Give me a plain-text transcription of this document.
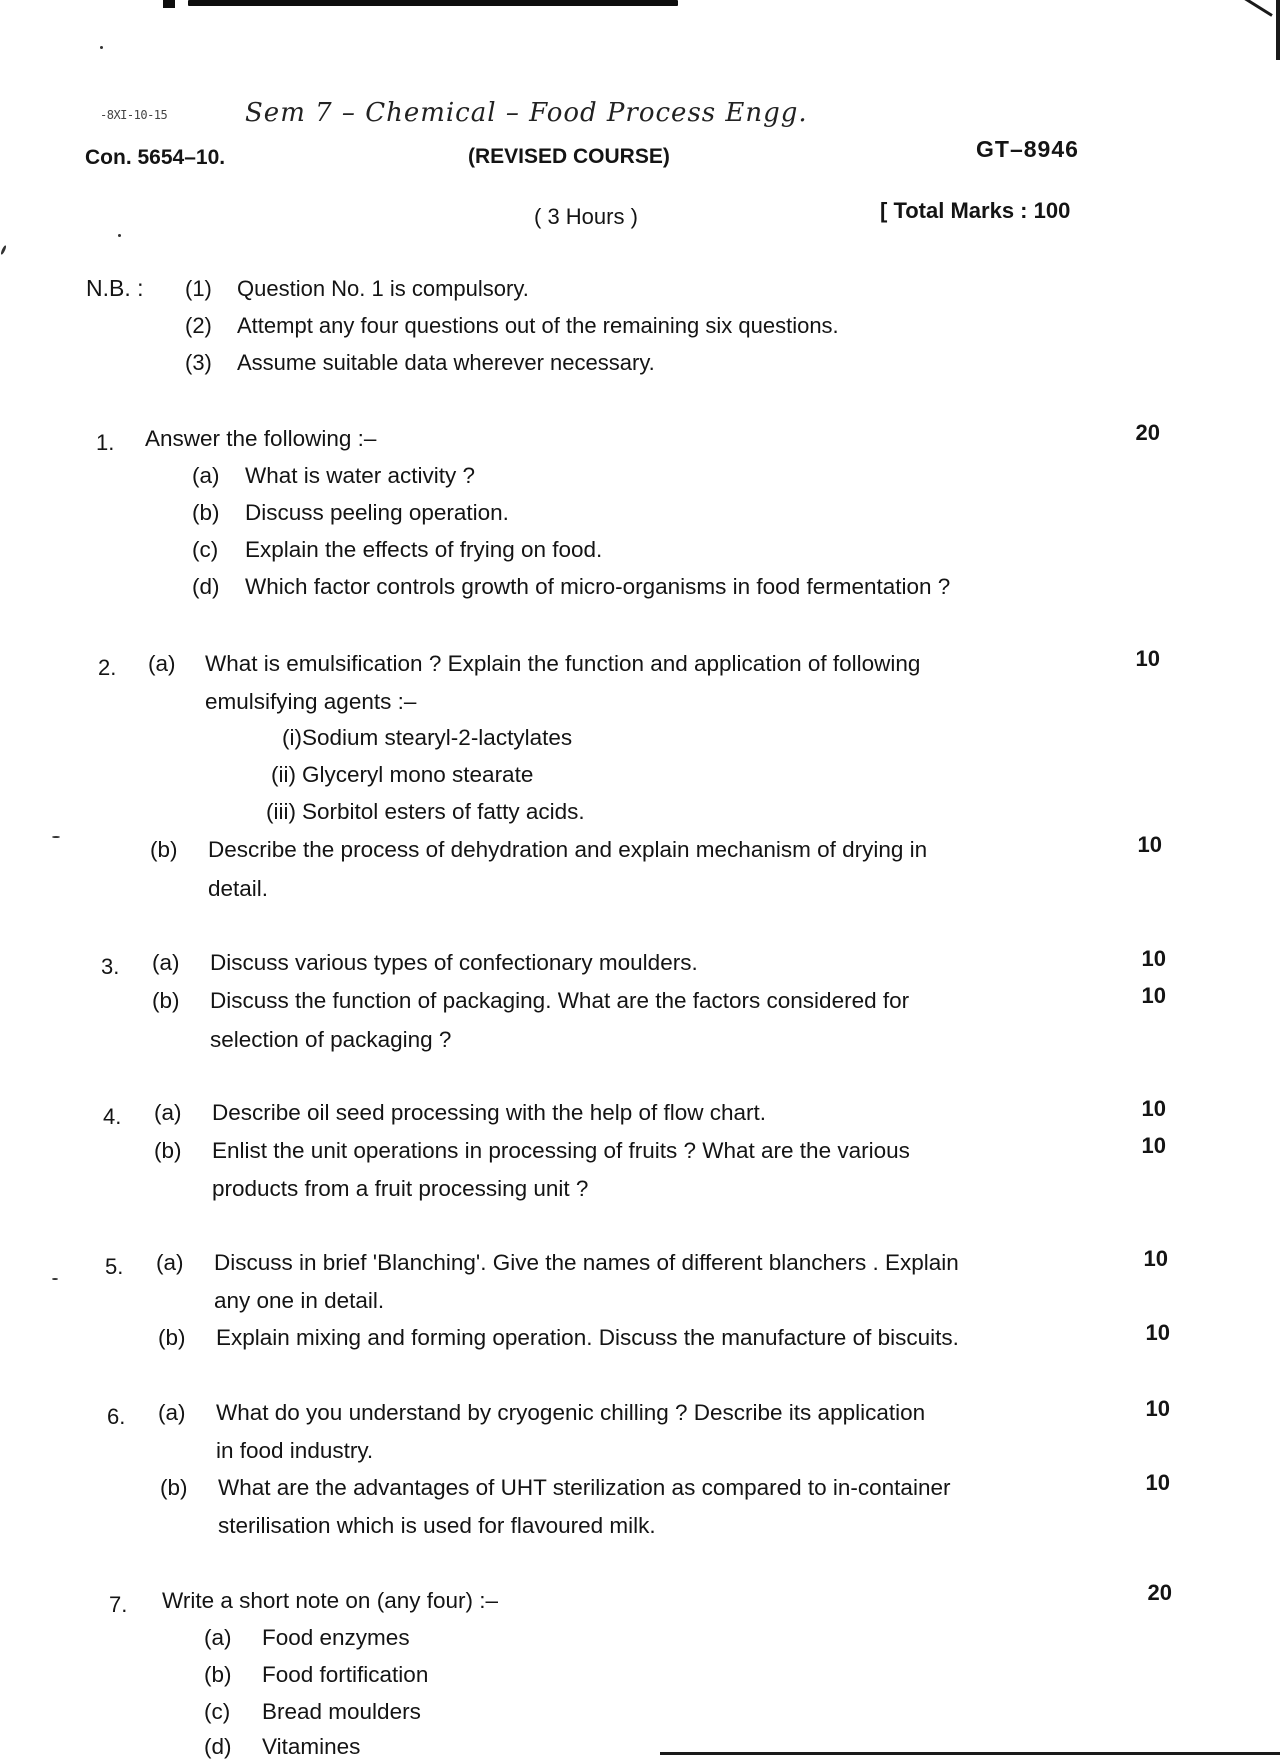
-8XI-10-15	Sem 7 – Chemical – Food Process Engg.
Con. 5654–10.	(REVISED COURSE)	GT–8946
( 3 Hours )	[ Total Marks : 100
N.B. : (1) Question No. 1 is compulsory.
(2) Attempt any four questions out of the remaining six questions.
(3) Assume suitable data wherever necessary.
1. Answer the following :–	20
(a) What is water activity ?
(b) Discuss peeling operation.
(c) Explain the effects of frying on food.
(d) Which factor controls growth of micro-organisms in food fermentation ?
2. (a) What is emulsification ? Explain the function and application of following	10
emulsifying agents :–
(i) Sodium stearyl-2-lactylates
(ii) Glyceryl mono stearate
(iii) Sorbitol esters of fatty acids.
(b) Describe the process of dehydration and explain mechanism of drying in	10
detail.
3. (a) Discuss various types of confectionary moulders.	10
(b) Discuss the function of packaging. What are the factors considered for	10
selection of packaging ?
4. (a) Describe oil seed processing with the help of flow chart.	10
(b) Enlist the unit operations in processing of fruits ? What are the various	10
products from a fruit processing unit ?
5. (a) Discuss in brief 'Blanching'. Give the names of different blanchers . Explain	10
any one in detail.
(b) Explain mixing and forming operation. Discuss the manufacture of biscuits.	10
6. (a) What do you understand by cryogenic chilling ? Describe its application	10
in food industry.
(b) What are the advantages of UHT sterilization as compared to in-container	10
sterilisation which is used for flavoured milk.
7. Write a short note on (any four) :–	20
(a) Food enzymes
(b) Food fortification
(c) Bread moulders
(d) Vitamines
